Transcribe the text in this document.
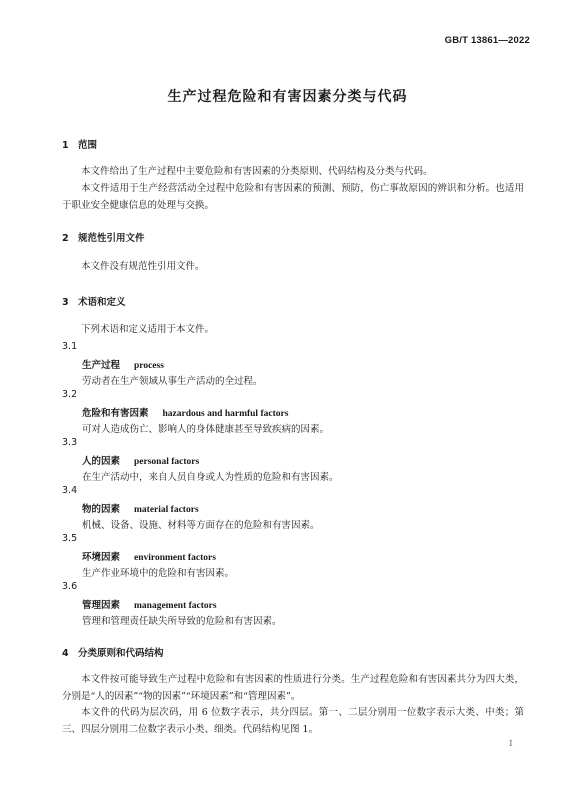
GB/T 13861—2022
生产过程危险和有害因素分类与代码
1 范围

本文件给出了生产过程中主要危险和有害因素的分类原则、代码结构及分类与代码。

本文件适用于生产经营活动全过程中危险和有害因素的预测、预防，伤亡事故原因的辨识和分析。也适用于职业安全健康信息的处理与交换。

2 规范性引用文件

本文件没有规范性引用文件。

3 术语和定义

下列术语和定义适用于本文件。

3.1
生产过程 process
劳动者在生产领域从事生产活动的全过程。
3.2
危险和有害因素 hazardous and harmful factors
可对人造成伤亡、影响人的身体健康甚至导致疾病的因素。
3.3
人的因素 personal factors
在生产活动中，来自人员自身或人为性质的危险和有害因素。
3.4
物的因素 material factors
机械、设备、设施、材料等方面存在的危险和有害因素。
3.5
环境因素 environment factors
生产作业环境中的危险和有害因素。
3.6
管理因素 management factors
管理和管理责任缺失所导致的危险和有害因素。
4 分类原则和代码结构

本文件按可能导致生产过程中危险和有害因素的性质进行分类。生产过程危险和有害因素共分为四大类，分别是“人的因素”“物的因素”“环境因素”和“管理因素”。

本文件的代码为层次码，用 6 位数字表示，共分四层。第一、二层分别用一位数字表示大类、中类；第三、四层分别用二位数字表示小类、细类。代码结构见图 1。

1
